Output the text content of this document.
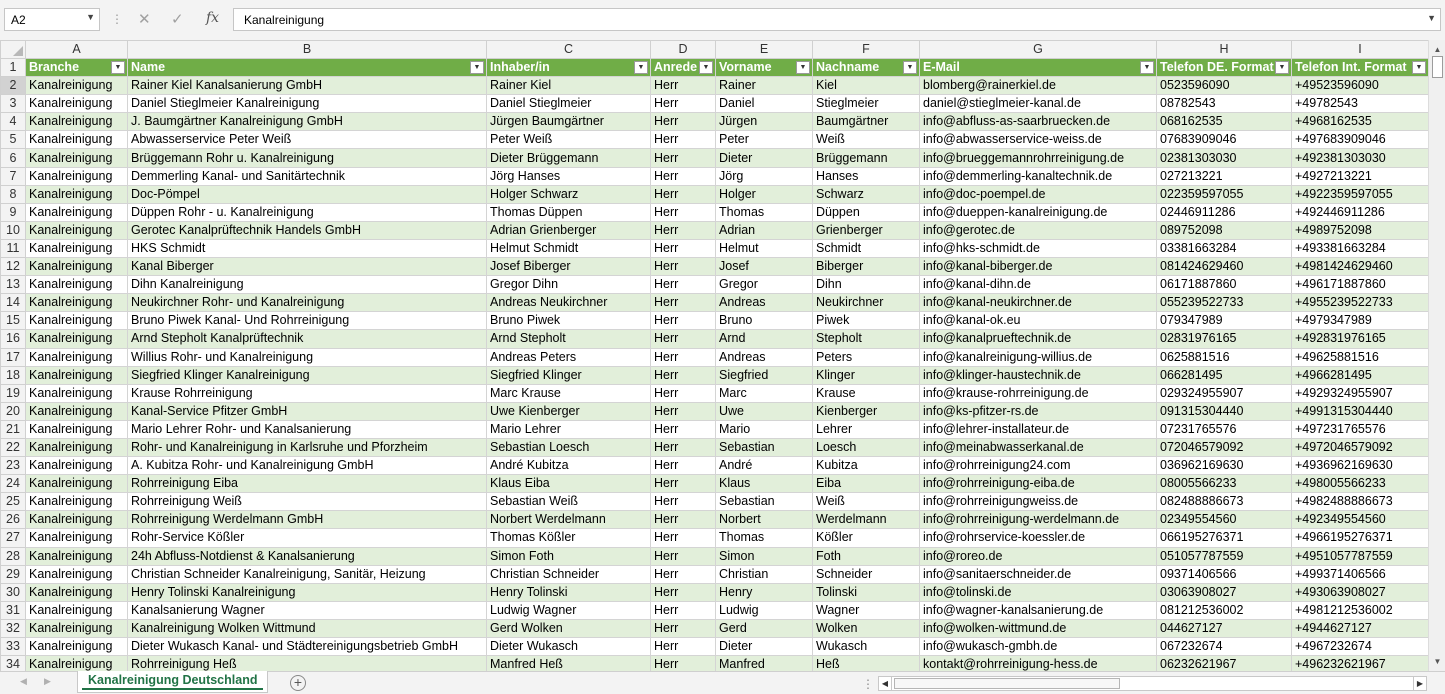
A2	▼ ⋮ ✕ ✓ fx	Kanalreinigung	▼
	A	B	C	D	E	F	G	H	I
1	Branche ▼	Name ▼	Inhaber/in ▼	Anrede ▼	Vorname ▼	Nachname ▼	E-Mail ▼	Telefon DE. Format ▼	Telefon Int. Format ▼

2	Kanalreinigung	Rainer Kiel Kanalsanierung GmbH	Rainer Kiel	Herr	Rainer	Kiel	blomberg@rainerkiel.de	0523596090	+49523596090
3	Kanalreinigung	Daniel Stieglmeier Kanalreinigung	Daniel Stieglmeier	Herr	Daniel	Stieglmeier	daniel@stieglmeier-kanal.de	08782543	+49782543
4	Kanalreinigung	J. Baumgärtner Kanalreinigung GmbH	Jürgen Baumgärtner	Herr	Jürgen	Baumgärtner	info@abfluss-as-saarbruecken.de	068162535	+4968162535
5	Kanalreinigung	Abwasserservice Peter Weiß	Peter Weiß	Herr	Peter	Weiß	info@abwasserservice-weiss.de	07683909046	+497683909046
6	Kanalreinigung	Brüggemann Rohr u. Kanalreinigung	Dieter Brüggemann	Herr	Dieter	Brüggemann	info@brueggemannrohrreinigung.de	02381303030	+492381303030
7	Kanalreinigung	Demmerling Kanal- und Sanitärtechnik	Jörg Hanses	Herr	Jörg	Hanses	info@demmerling-kanaltechnik.de	027213221	+4927213221
8	Kanalreinigung	Doc-Pömpel	Holger Schwarz	Herr	Holger	Schwarz	info@doc-poempel.de	022359597055	+4922359597055
9	Kanalreinigung	Düppen Rohr - u. Kanalreinigung	Thomas Düppen	Herr	Thomas	Düppen	info@dueppen-kanalreinigung.de	02446911286	+492446911286
10	Kanalreinigung	Gerotec Kanalprüftechnik Handels GmbH	Adrian Grienberger	Herr	Adrian	Grienberger	info@gerotec.de	089752098	+4989752098
11	Kanalreinigung	HKS Schmidt	Helmut Schmidt	Herr	Helmut	Schmidt	info@hks-schmidt.de	03381663284	+493381663284
12	Kanalreinigung	Kanal Biberger	Josef Biberger	Herr	Josef	Biberger	info@kanal-biberger.de	081424629460	+4981424629460
13	Kanalreinigung	Dihn Kanalreinigung	Gregor Dihn	Herr	Gregor	Dihn	info@kanal-dihn.de	06171887860	+496171887860
14	Kanalreinigung	Neukirchner Rohr- und Kanalreinigung	Andreas Neukirchner	Herr	Andreas	Neukirchner	info@kanal-neukirchner.de	055239522733	+4955239522733
15	Kanalreinigung	Bruno Piwek Kanal- Und Rohrreinigung	Bruno Piwek	Herr	Bruno	Piwek	info@kanal-ok.eu	079347989	+4979347989
16	Kanalreinigung	Arnd Stepholt Kanalprüftechnik	Arnd Stepholt	Herr	Arnd	Stepholt	info@kanalprueftechnik.de	02831976165	+492831976165
17	Kanalreinigung	Willius Rohr- und Kanalreinigung	Andreas Peters	Herr	Andreas	Peters	info@kanalreinigung-willius.de	0625881516	+49625881516
18	Kanalreinigung	Siegfried Klinger Kanalreinigung	Siegfried Klinger	Herr	Siegfried	Klinger	info@klinger-haustechnik.de	066281495	+4966281495
19	Kanalreinigung	Krause Rohrreinigung	Marc Krause	Herr	Marc	Krause	info@krause-rohrreinigung.de	029324955907	+4929324955907
20	Kanalreinigung	Kanal-Service Pfitzer GmbH	Uwe Kienberger	Herr	Uwe	Kienberger	info@ks-pfitzer-rs.de	091315304440	+4991315304440
21	Kanalreinigung	Mario Lehrer Rohr- und Kanalsanierung	Mario Lehrer	Herr	Mario	Lehrer	info@lehrer-installateur.de	07231765576	+497231765576
22	Kanalreinigung	Rohr- und Kanalreinigung in Karlsruhe und Pforzheim	Sebastian Loesch	Herr	Sebastian	Loesch	info@meinabwasserkanal.de	072046579092	+4972046579092
23	Kanalreinigung	A. Kubitza Rohr- und Kanalreinigung GmbH	André Kubitza	Herr	André	Kubitza	info@rohrreinigung24.com	036962169630	+4936962169630
24	Kanalreinigung	Rohrreinigung Eiba	Klaus Eiba	Herr	Klaus	Eiba	info@rohrreinigung-eiba.de	08005566233	+498005566233
25	Kanalreinigung	Rohrreinigung Weiß	Sebastian Weiß	Herr	Sebastian	Weiß	info@rohrreinigungweiss.de	082488886673	+4982488886673
26	Kanalreinigung	Rohrreinigung Werdelmann GmbH	Norbert Werdelmann	Herr	Norbert	Werdelmann	info@rohrreinigung-werdelmann.de	02349554560	+492349554560
27	Kanalreinigung	Rohr-Service Kößler	Thomas Kößler	Herr	Thomas	Kößler	info@rohrservice-koessler.de	066195276371	+4966195276371
28	Kanalreinigung	24h Abfluss-Notdienst & Kanalsanierung	Simon Foth	Herr	Simon	Foth	info@roreo.de	051057787559	+4951057787559
29	Kanalreinigung	Christian Schneider Kanalreinigung, Sanitär, Heizung	Christian Schneider	Herr	Christian	Schneider	info@sanitaerschneider.de	09371406566	+499371406566
30	Kanalreinigung	Henry Tolinski Kanalreinigung	Henry Tolinski	Herr	Henry	Tolinski	info@tolinski.de	03063908027	+493063908027
31	Kanalreinigung	Kanalsanierung Wagner	Ludwig Wagner	Herr	Ludwig	Wagner	info@wagner-kanalsanierung.de	081212536002	+4981212536002
32	Kanalreinigung	Kanalreinigung Wolken Wittmund	Gerd Wolken	Herr	Gerd	Wolken	info@wolken-wittmund.de	044627127	+4944627127
33	Kanalreinigung	Dieter Wukasch Kanal- und Städtereinigungsbetrieb GmbH	Dieter Wukasch	Herr	Dieter	Wukasch	info@wukasch-gmbh.de	067232674	+4967232674
34	Kanalreinigung	Rohrreinigung Heß	Manfred Heß	Herr	Manfred	Heß	kontakt@rohrreinigung-hess.de	06232621967	+496232621967
▲
▼
◀ ▶	Kanalreinigung Deutschland	+	⋮	◀	▶
